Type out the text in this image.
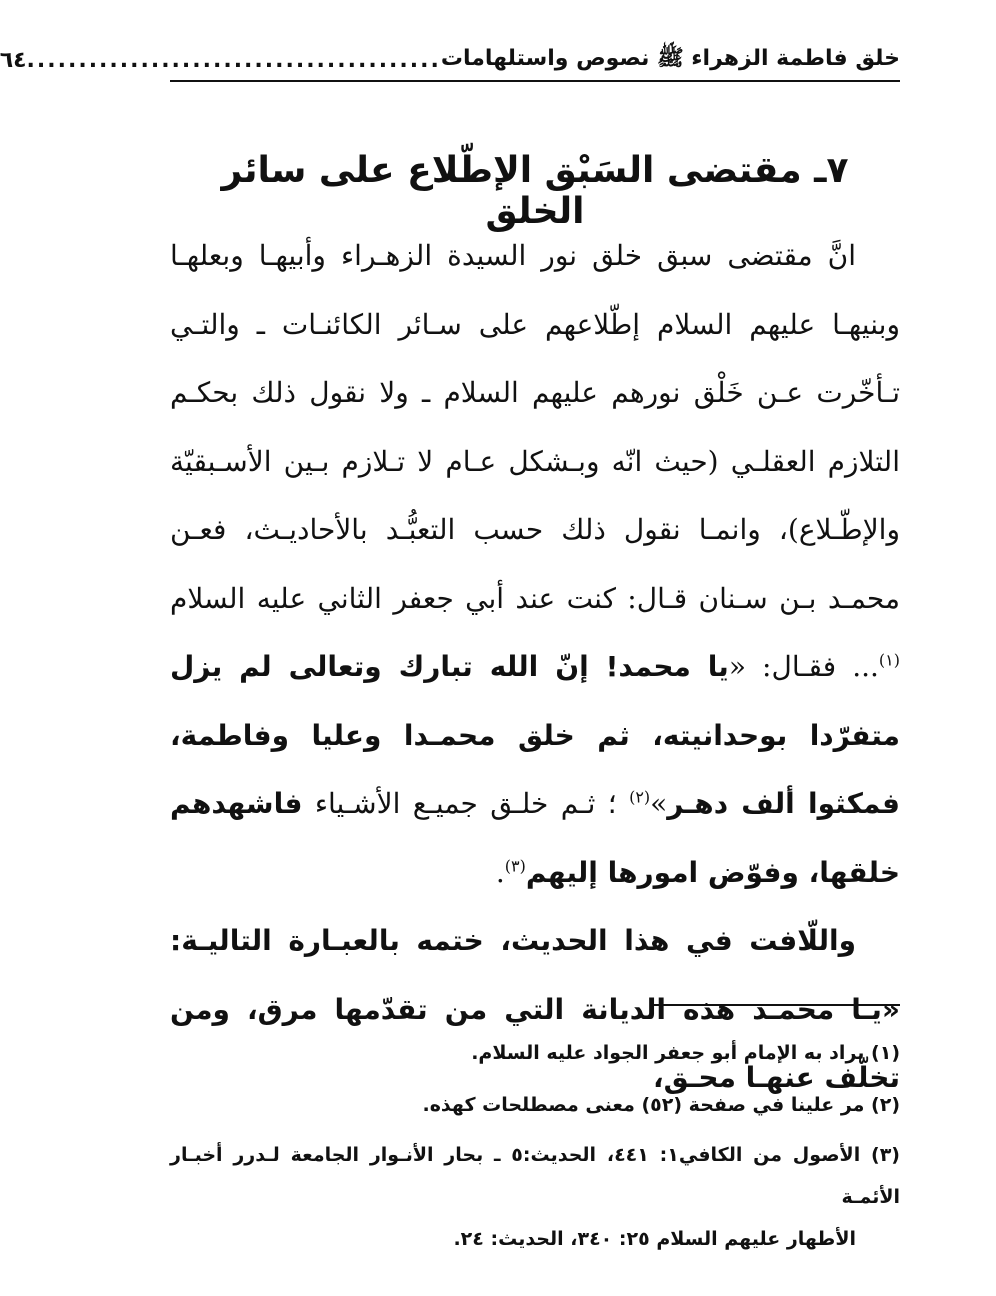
خلق فاطمة الزهراء ﷺ نصوص واستلهامات
........................................
٦٤
٧ـ مقتضى السَبْق الإطّلاع على سائر الخلق

انَّ مقتضى سبق خلق نور السيدة الزهـراء وأبيهـا وبعلهـا وبنيهـا عليهم السلام إطّلاعهم على سـائر الكائنـات ـ والتـي تـأخّرت عـن خَلْق نورهم عليهم السلام ـ ولا نقول ذلك بحكـم التلازم العقلـي (حيث انّه وبـشكل عـام لا تـلازم بـين الأسـبقيّة والإطّـلاع)، وانمـا نقول ذلك حسب التعبُّـد بالأحاديـث، فعـن محمـد بـن سـنان قـال: كنت عند أبي جعفر الثاني عليه السلام $^{(١)}$... فقـال: «يا محمد! إنّ الله تبارك وتعالى لم يزل متفرّدا بوحدانيته، ثم خلق محمـدا وعليا وفاطمة، فمكثوا ألف دهـر»$^{(٢)}$ ؛ ثـم خلـق جميـع الأشـياء فاشهدهم خلقها، وفوّض امورها إليهم$^{(٣)}$.

واللّافت في هذا الحديث، ختمه بالعبـارة التاليـة: «يـا محمـد هذه الديانة التي من تقدّمها مرق، ومن تخلّف عنهـا محـق،

(١) يراد به الإمام أبو جعفر الجواد عليه السلام.

(٢) مر علينا في صفحة (٥٢) معنى مصطلحات كهذه.

(٣) الأصول من الكافي١: ٤٤١، الحديث:٥ ـ بحار الأنـوار الجامعة لـدرر أخبـار الأئمـة
الأطهار عليهم السلام ٢٥: ٣٤٠، الحديث: ٢٤.
